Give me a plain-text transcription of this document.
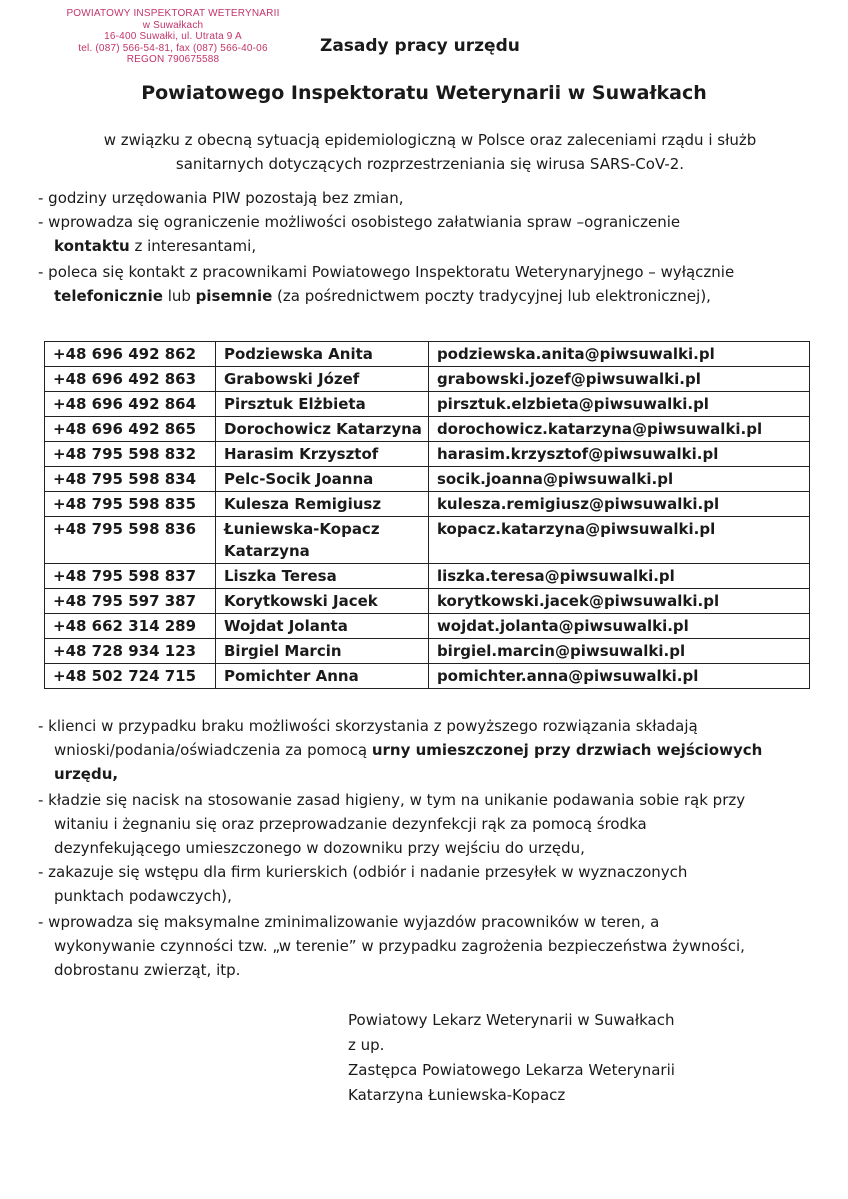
POWIATOWY INSPEKTORAT WETERYNARII
w Suwałkach
16-400 Suwałki, ul. Utrata 9 A
tel. (087) 566-54-81, fax (087) 566-40-06
REGON 790675588
Zasady pracy urzędu
Powiatowego Inspektoratu Weterynarii w Suwałkach
w związku z obecną sytuacją epidemiologiczną w Polsce oraz zaleceniami rządu i służb
sanitarnych dotyczących rozprzestrzeniania się wirusa SARS-CoV-2.
- godziny urzędowania PIW pozostają bez zmian,
- wprowadza się ograniczenie możliwości osobistego załatwiania spraw –ograniczenie
kontaktu z interesantami,
- poleca się kontakt z pracownikami Powiatowego Inspektoratu Weterynaryjnego – wyłącznie
telefonicznie lub pisemnie (za pośrednictwem poczty tradycyjnej lub elektronicznej),
+48 696 492 862	Podziewska Anita	podziewska.anita@piwsuwalki.pl
+48 696 492 863	Grabowski Józef	grabowski.jozef@piwsuwalki.pl
+48 696 492 864	Pirsztuk Elżbieta	pirsztuk.elzbieta@piwsuwalki.pl
+48 696 492 865	Dorochowicz Katarzyna	dorochowicz.katarzyna@piwsuwalki.pl
+48 795 598 832	Harasim Krzysztof	harasim.krzysztof@piwsuwalki.pl
+48 795 598 834	Pelc-Socik Joanna	socik.joanna@piwsuwalki.pl
+48 795 598 835	Kulesza Remigiusz	kulesza.remigiusz@piwsuwalki.pl
+48 795 598 836	Łuniewska-Kopacz
Katarzyna	kopacz.katarzyna@piwsuwalki.pl
+48 795 598 837	Liszka Teresa	liszka.teresa@piwsuwalki.pl
+48 795 597 387	Korytkowski Jacek	korytkowski.jacek@piwsuwalki.pl
+48 662 314 289	Wojdat Jolanta	wojdat.jolanta@piwsuwalki.pl
+48 728 934 123	Birgiel Marcin	birgiel.marcin@piwsuwalki.pl
+48 502 724 715	Pomichter Anna	pomichter.anna@piwsuwalki.pl
- klienci w przypadku braku możliwości skorzystania z powyższego rozwiązania składają
wnioski/podania/oświadczenia za pomocą urny umieszczonej przy drzwiach wejściowych
urzędu,
- kładzie się nacisk na stosowanie zasad higieny, w tym na unikanie podawania sobie rąk przy
witaniu i żegnaniu się oraz przeprowadzanie dezynfekcji rąk za pomocą środka
dezynfekującego umieszczonego w dozowniku przy wejściu do urzędu,
- zakazuje się wstępu dla firm kurierskich (odbiór i nadanie przesyłek w wyznaczonych
punktach podawczych),
- wprowadza się maksymalne zminimalizowanie wyjazdów pracowników w teren, a
wykonywanie czynności tzw. „w terenie” w przypadku zagrożenia bezpieczeństwa żywności,
dobrostanu zwierząt, itp.
Powiatowy Lekarz Weterynarii w Suwałkach
z up.
Zastępca Powiatowego Lekarza Weterynarii
Katarzyna Łuniewska-Kopacz
